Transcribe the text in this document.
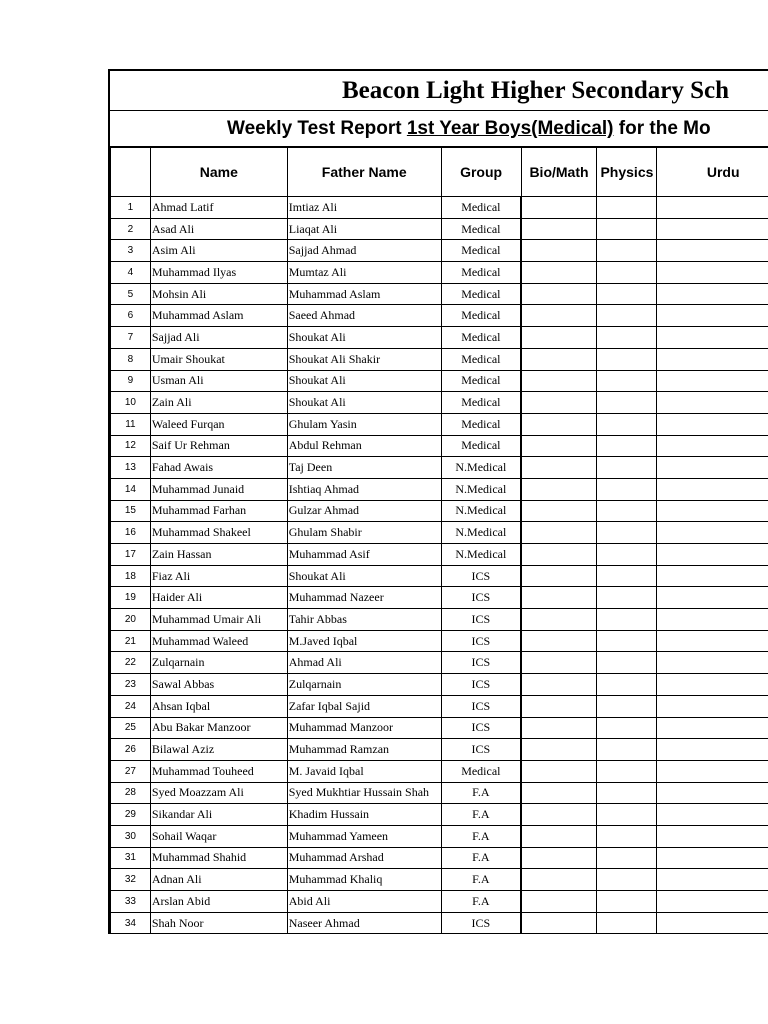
Beacon Light Higher Secondary Sch
Weekly Test Report 1st Year Boys(Medical) for the Mo
	Name	Father Name	Group	Bio/Math	Physics	Urdu
1	Ahmad Latif	Imtiaz Ali	Medical			
2	Asad Ali	Liaqat Ali	Medical			
3	Asim Ali	Sajjad Ahmad	Medical			
4	Muhammad Ilyas	Mumtaz Ali	Medical			
5	Mohsin Ali	Muhammad Aslam	Medical			
6	Muhammad Aslam	Saeed Ahmad	Medical			
7	Sajjad Ali	Shoukat Ali	Medical			
8	Umair Shoukat	Shoukat Ali Shakir	Medical			
9	Usman Ali	Shoukat Ali	Medical			
10	Zain Ali	Shoukat Ali	Medical			
11	Waleed Furqan	Ghulam Yasin	Medical			
12	Saif Ur Rehman	Abdul Rehman	Medical			
13	Fahad Awais	Taj Deen	N.Medical			
14	Muhammad Junaid	Ishtiaq Ahmad	N.Medical			
15	Muhammad Farhan	Gulzar Ahmad	N.Medical			
16	Muhammad Shakeel	Ghulam Shabir	N.Medical			
17	Zain Hassan	Muhammad Asif	N.Medical			
18	Fiaz Ali	Shoukat Ali	ICS			
19	Haider Ali	Muhammad Nazeer	ICS			
20	Muhammad Umair Ali	Tahir Abbas	ICS			
21	Muhammad Waleed	M.Javed Iqbal	ICS			
22	Zulqarnain	Ahmad Ali	ICS			
23	Sawal Abbas	Zulqarnain	ICS			
24	Ahsan Iqbal	Zafar Iqbal Sajid	ICS			
25	Abu Bakar Manzoor	Muhammad Manzoor	ICS			
26	Bilawal Aziz	Muhammad Ramzan	ICS			
27	Muhammad Touheed	M. Javaid Iqbal	Medical			
28	Syed Moazzam Ali	Syed Mukhtiar Hussain Shah	F.A			
29	Sikandar Ali	Khadim Hussain	F.A			
30	Sohail Waqar	Muhammad Yameen	F.A			
31	Muhammad Shahid	Muhammad Arshad	F.A			
32	Adnan Ali	Muhammad Khaliq	F.A			
33	Arslan Abid	Abid Ali	F.A			
34	Shah Noor	Naseer Ahmad	ICS			
